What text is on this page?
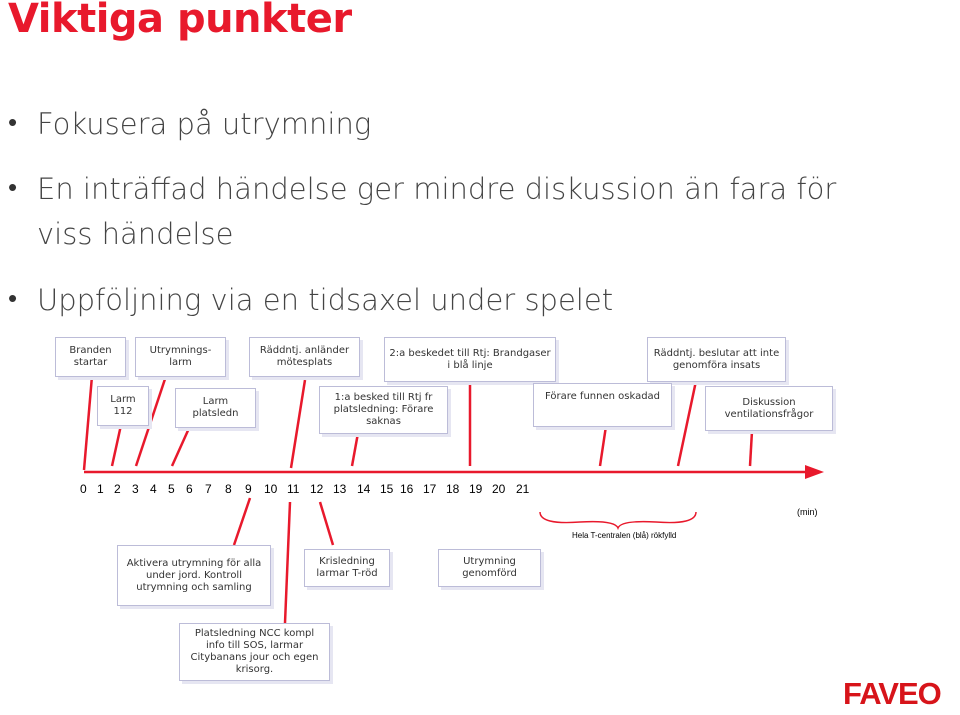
Viktiga punkter
• Fokusera på utrymning
• En inträffad händelse ger mindre diskussion än fara för viss händelse
• Uppföljning via en tidsaxel under spelet
Branden startar
Utrymnings- larm
Räddntj. anländer mötesplats
2:a beskedet till Rtj: Brandgaser i blå linje
Räddntj. beslutar att inte genomföra insats
Larm 112
Larm platsledn
1:a besked till Rtj fr platsledning: Förare saknas
Förare funnen oskadad	Diskussion ventilationsfrågor
0 1 2 3 4 5 6 7 8 9 10 11 12 13 14 15 16 17 18 19 20 21
(min)
Hela T-centralen (blå) rökfylld
Aktivera utrymning för alla under jord. Kontroll utrymning och samling
Krisledning larmar T-röd
Utrymning genomförd
Platsledning NCC kompl info till SOS, larmar Citybanans jour och egen krisorg.
FAVEO
